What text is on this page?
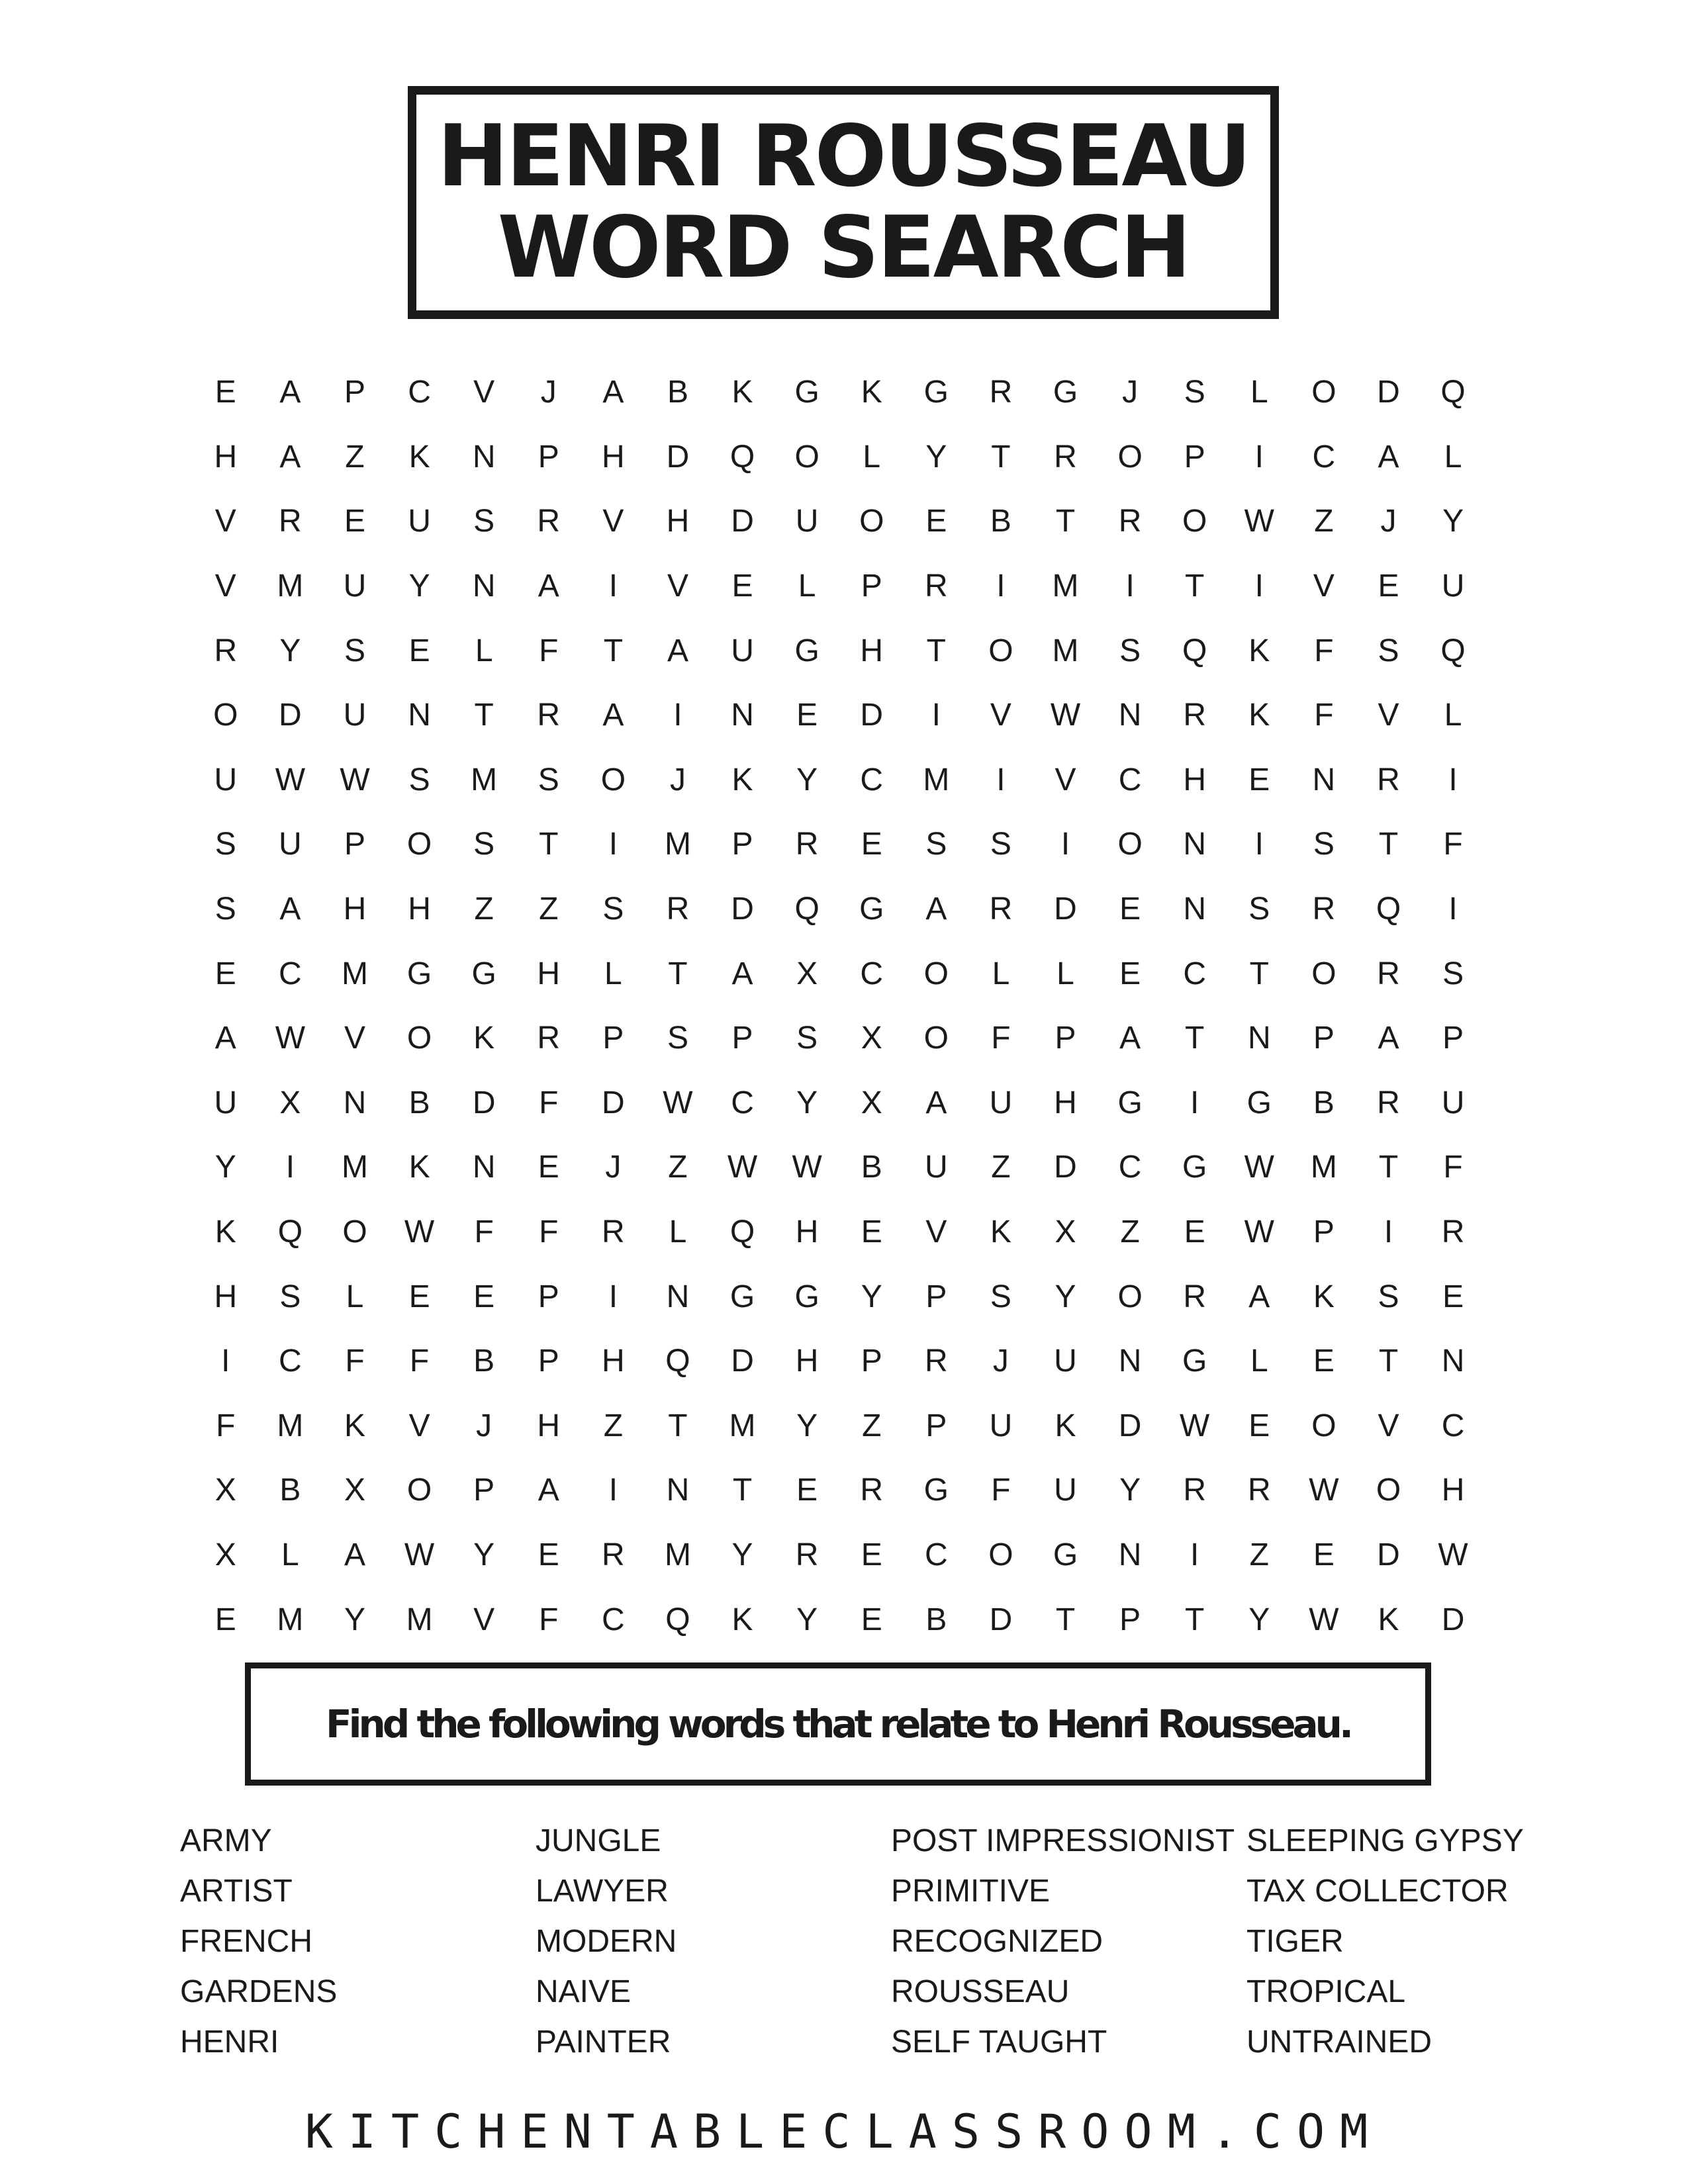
HENRI ROUSSEAU
WORD SEARCH
E	A	P	C	V	J	A	B	K	G	K	G	R	G	J	S	L	O	D	Q
H	A	Z	K	N	P	H	D	Q	O	L	Y	T	R	O	P	I	C	A	L
V	R	E	U	S	R	V	H	D	U	O	E	B	T	R	O	W	Z	J	Y
V	M	U	Y	N	A	I	V	E	L	P	R	I	M	I	T	I	V	E	U
R	Y	S	E	L	F	T	A	U	G	H	T	O	M	S	Q	K	F	S	Q
O	D	U	N	T	R	A	I	N	E	D	I	V	W	N	R	K	F	V	L
U	W	W	S	M	S	O	J	K	Y	C	M	I	V	C	H	E	N	R	I
S	U	P	O	S	T	I	M	P	R	E	S	S	I	O	N	I	S	T	F
S	A	H	H	Z	Z	S	R	D	Q	G	A	R	D	E	N	S	R	Q	I
E	C	M	G	G	H	L	T	A	X	C	O	L	L	E	C	T	O	R	S
A	W	V	O	K	R	P	S	P	S	X	O	F	P	A	T	N	P	A	P
U	X	N	B	D	F	D	W	C	Y	X	A	U	H	G	I	G	B	R	U
Y	I	M	K	N	E	J	Z	W	W	B	U	Z	D	C	G	W	M	T	F
K	Q	O	W	F	F	R	L	Q	H	E	V	K	X	Z	E	W	P	I	R
H	S	L	E	E	P	I	N	G	G	Y	P	S	Y	O	R	A	K	S	E
I	C	F	F	B	P	H	Q	D	H	P	R	J	U	N	G	L	E	T	N
F	M	K	V	J	H	Z	T	M	Y	Z	P	U	K	D	W	E	O	V	C
X	B	X	O	P	A	I	N	T	E	R	G	F	U	Y	R	R	W	O	H
X	L	A	W	Y	E	R	M	Y	R	E	C	O	G	N	I	Z	E	D	W
E	M	Y	M	V	F	C	Q	K	Y	E	B	D	T	P	T	Y	W	K	D
Find the following words that relate to Henri Rousseau.
ARMY
ARTIST
FRENCH
GARDENS
HENRI
JUNGLE
LAWYER
MODERN
NAIVE
PAINTER
POST IMPRESSIONIST
PRIMITIVE
RECOGNIZED
ROUSSEAU
SELF TAUGHT
SLEEPING GYPSY
TAX COLLECTOR
TIGER
TROPICAL
UNTRAINED
KITCHENTABLECLASSROOM.COM
